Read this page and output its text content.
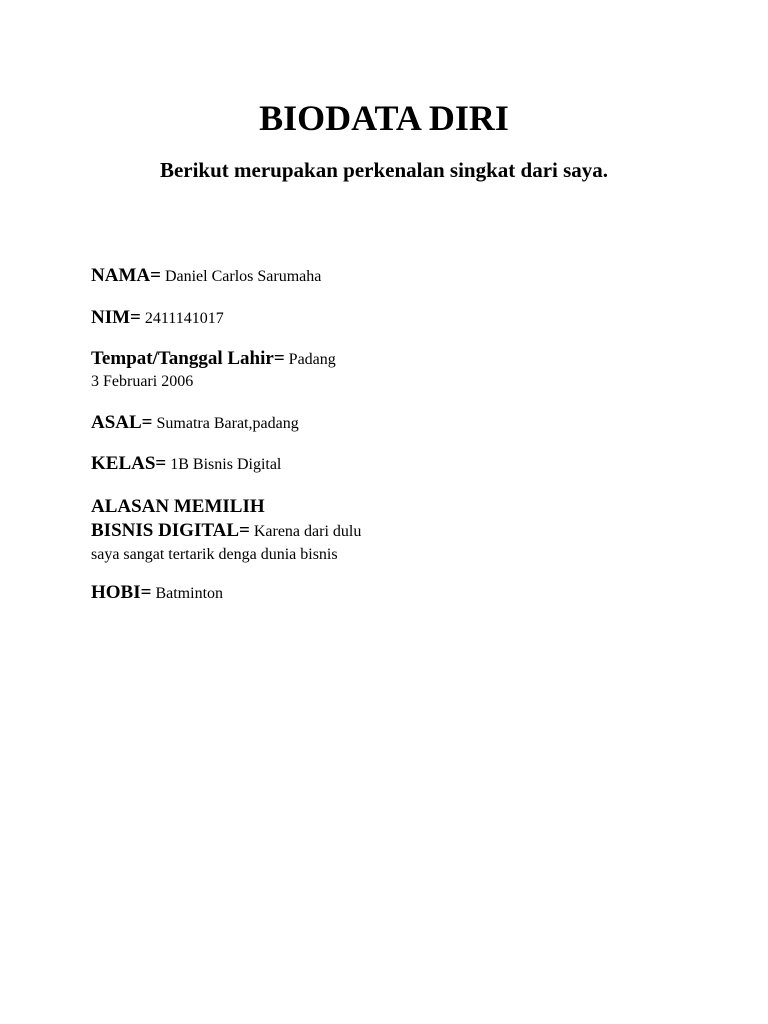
BIODATA DIRI
Berikut merupakan perkenalan singkat dari saya.

NAMA= Daniel Carlos Sarumaha

NIM= 2411141017

Tempat/Tanggal Lahir= Padang
3 Februari 2006

ASAL= Sumatra Barat,padang

KELAS= 1B Bisnis Digital

ALASAN MEMILIH
BISNIS DIGITAL= Karena dari dulu
saya sangat tertarik denga dunia bisnis

HOBI= Batminton
